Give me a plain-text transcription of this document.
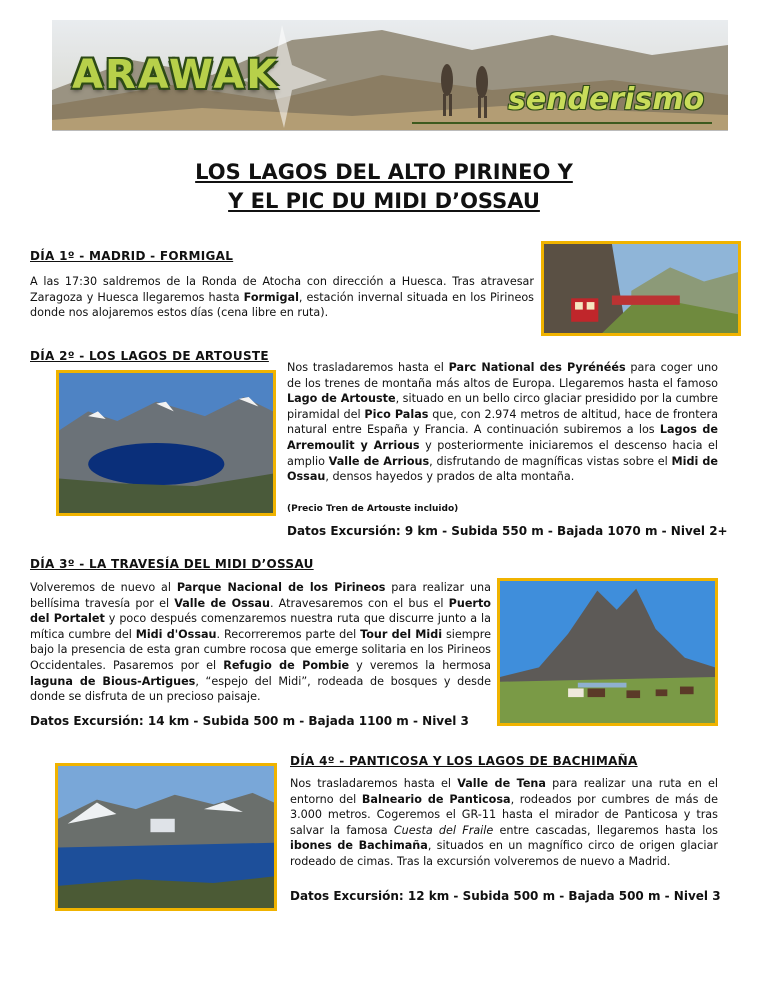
ARAWAK
senderismo
LOS LAGOS DEL ALTO PIRINEO Y
Y EL PIC DU MIDI D’OSSAU
DÍA 1º - MADRID - FORMIGAL

A las 17:30 saldremos de la Ronda de Atocha con dirección a Huesca. Tras atravesar Zaragoza y Huesca llegaremos hasta Formigal, estación invernal situada en los Pirineos donde nos alojaremos estos días (cena libre en ruta).

DÍA 2º - LOS LAGOS DE ARTOUSTE

Nos trasladaremos hasta el Parc National des Pyrénéés para coger uno de los trenes de montaña más altos de Europa. Llegaremos hasta el famoso Lago de Artouste, situado en un bello circo glaciar presidido por la cumbre piramidal del Pico Palas que, con 2.974 metros de altitud, hace de frontera natural entre España y Francia. A continuación subiremos a los Lagos de Arremoulit y Arrious y posteriormente iniciaremos el descenso hacia el amplio Valle de Arrious, disfrutando de magníficas vistas sobre el Midi de Ossau, densos hayedos y prados de alta montaña.

(Precio Tren de Artouste incluido)
Datos Excursión: 9 km - Subida 550 m - Bajada 1070 m - Nivel 2+
DÍA 3º - LA TRAVESÍA DEL MIDI D’OSSAU

Volveremos de nuevo al Parque Nacional de los Pirineos para realizar una bellísima travesía por el Valle de Ossau. Atravesaremos con el bus el Puerto del Portalet y poco después comenzaremos nuestra ruta que discurre junto a la mítica cumbre del Midi d'Ossau. Recorreremos parte del Tour del Midi siempre bajo la presencia de esta gran cumbre rocosa que emerge solitaria en los Pirineos Occidentales. Pasaremos por el Refugio de Pombie y veremos la hermosa laguna de Bious-Artigues, “espejo del Midi”, rodeada de bosques y desde donde se disfruta de un precioso paisaje.

Datos Excursión: 14 km - Subida 500 m - Bajada 1100 m - Nivel 3
DÍA 4º - PANTICOSA Y LOS LAGOS DE BACHIMAÑA

Nos trasladaremos hasta el Valle de Tena para realizar una ruta en el entorno del Balneario de Panticosa, rodeados por cumbres de más de 3.000 metros. Cogeremos el GR-11 hasta el mirador de Panticosa y tras salvar la famosa Cuesta del Fraile entre cascadas, llegaremos hasta los ibones de Bachimaña, situados en un magnífico circo de origen glaciar rodeado de cimas. Tras la excursión volveremos de nuevo a Madrid.

Datos Excursión: 12 km - Subida 500 m - Bajada 500 m - Nivel 3
